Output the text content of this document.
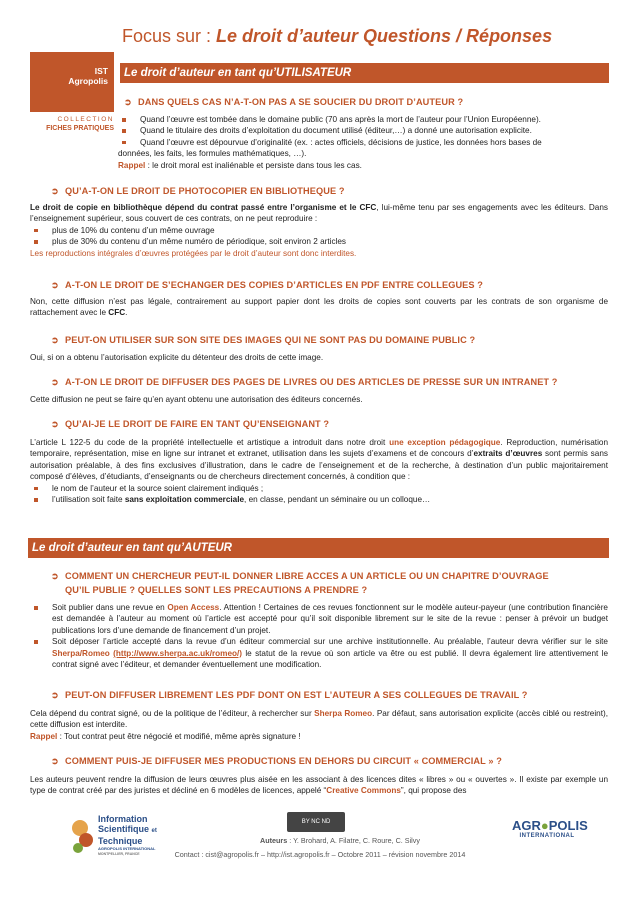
IST
Agropolis
COLLECTION
FICHES PRATIQUES
Focus sur : Le droit d’auteur Questions / Réponses
Le droit d’auteur en tant qu’UTILISATEUR
➲ DANS QUELS CAS N’A-T-ON PAS A SE SOUCIER DU DROIT D’AUTEUR ?
Quand l’œuvre est tombée dans le domaine public (70 ans après la mort de l’auteur pour l’Union Européenne).
Quand le titulaire des droits d’exploitation du document utilisé (éditeur,…) a donné une autorisation explicite.
Quand l’œuvre est dépourvue d’originalité (ex. : actes officiels, décisions de justice, les données hors bases de
données, les faits, les formules mathématiques, …).
Rappel : le droit moral est inaliénable et persiste dans tous les cas.
➲ QU’A-T-ON LE DROIT DE PHOTOCOPIER EN BIBLIOTHEQUE ?
Le droit de copie en bibliothèque dépend du contrat passé entre l’organisme et le CFC, lui-même tenu par ses engagements avec les éditeurs. Dans l’enseignement supérieur, sous couvert de ces contrats, on ne peut reproduire :
plus de 10% du contenu d’un même ouvrage
plus de 30% du contenu d’un même numéro de périodique, soit environ 2 articles
Les reproductions intégrales d’œuvres protégées par le droit d’auteur sont donc interdites.
➲ A-T-ON LE DROIT DE S’ECHANGER DES COPIES D’ARTICLES EN PDF ENTRE COLLEGUES ?
Non, cette diffusion n’est pas légale, contrairement au support papier dont les droits de copies sont couverts par les contrats de son organisme de rattachement avec le CFC.
➲ PEUT-ON UTILISER SUR SON SITE DES IMAGES QUI NE SONT PAS DU DOMAINE PUBLIC ?
Oui, si on a obtenu l’autorisation explicite du détenteur des droits de cette image.
➲ A-T-ON LE DROIT DE DIFFUSER DES PAGES DE LIVRES OU DES ARTICLES DE PRESSE SUR UN INTRANET ?
Cette diffusion ne peut se faire qu’en ayant obtenu une autorisation des éditeurs concernés.
➲ QU’AI-JE LE DROIT DE FAIRE EN TANT QU’ENSEIGNANT ?
L’article L 122-5 du code de la propriété intellectuelle et artistique a introduit dans notre droit une exception pédagogique. Reproduction, numérisation temporaire, représentation, mise en ligne sur intranet et extranet, utilisation dans les sujets d’examens et de concours d’extraits d’œuvres sont permis sans autorisation préalable, à des fins exclusives d’illustration, dans le cadre de l’enseignement et de la recherche, à destination d’un public majoritairement composé d’élèves, d’étudiants, d’enseignants ou de chercheurs directement concernés, à condition que :
le nom de l’auteur et la source soient clairement indiqués ;
l’utilisation soit faite sans exploitation commerciale, en classe, pendant un séminaire ou un colloque…
Le droit d’auteur en tant qu’AUTEUR
➲ COMMENT UN CHERCHEUR PEUT-IL DONNER LIBRE ACCES A UN ARTICLE OU UN CHAPITRE D’OUVRAGE
QU’IL PUBLIE ? QUELLES SONT LES PRECAUTIONS A PRENDRE ?
Soit publier dans une revue en Open Access. Attention ! Certaines de ces revues fonctionnent sur le modèle auteur-payeur (une contribution financière est demandée à l’auteur au moment où l’article est accepté pour qu’il soit disponible librement sur le site de la revue : penser à prévoir un budget publications lors d’une demande de financement d’un projet.
Soit déposer l’article accepté dans la revue d’un éditeur commercial sur une archive institutionnelle. Au préalable, l’auteur devra vérifier sur le site Sherpa/Romeo (http://www.sherpa.ac.uk/romeo/) le statut de la revue où son article va être ou est publié. Il devra également lire attentivement le contrat signé avec l’éditeur, et demander éventuellement une modification.
➲ PEUT-ON DIFFUSER LIBREMENT LES PDF DONT ON EST L’AUTEUR A SES COLLEGUES DE TRAVAIL ?
Cela dépend du contrat signé, ou de la politique de l’éditeur, à rechercher sur Sherpa Romeo. Par défaut, sans autorisation explicite (accès ciblé ou restreint), cette diffusion est interdite.
Rappel : Tout contrat peut être négocié et modifié, même après signature !
➲ COMMENT PUIS-JE DIFFUSER MES PRODUCTIONS EN DEHORS DU CIRCUIT « COMMERCIAL » ?
Les auteurs peuvent rendre la diffusion de leurs œuvres plus aisée en les associant à des licences dites « libres » ou « ouvertes ». Il existe par exemple un type de contrat créé par des juristes et décliné en 6 modèles de licences, appelé “Creative Commons”, qui propose des
Information
Scientifique et
Technique
AGROPOLIS INTERNATIONAL
MONTPELLIER, FRANCE
BY NC ND
Auteurs : Y. Brohard, A. Filatre, C. Roure, C. Silvy
Contact : cist@agropolis.fr – http://ist.agropolis.fr – Octobre 2011 – révision novembre 2014
AGR●POLIS
INTERNATIONAL
